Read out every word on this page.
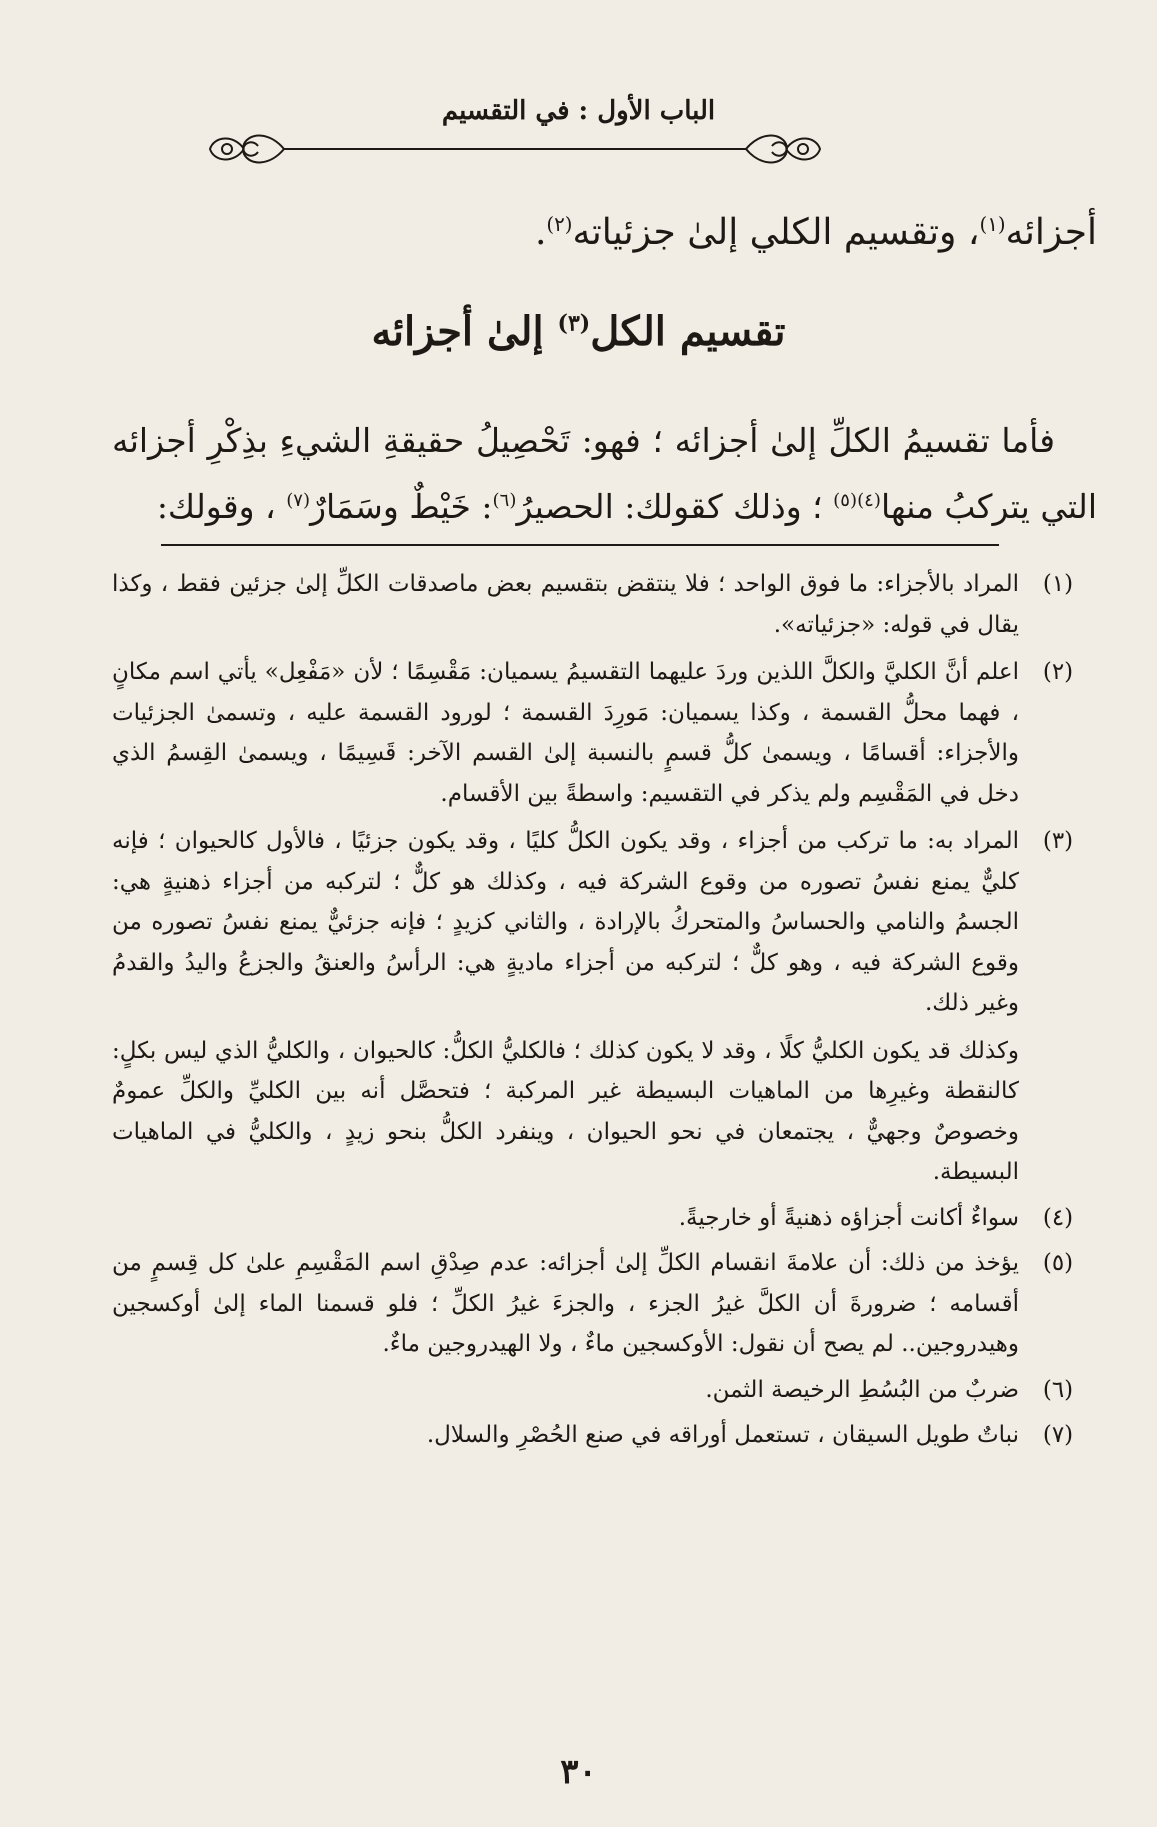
الباب الأول : في التقسيم
أجزائه$^{(١)}$، وتقسيم الكلي إلىٰ جزئياته$^{(٢)}$.
تقسيم الكل$^{(٣)}$ إلىٰ أجزائه
فأما تقسيمُ الكلِّ إلىٰ أجزائه ؛ فهو: تَحْصِيلُ حقيقةِ الشيءِ بذِكْرِ أجزائه التي يتركبُ منها$^{(٤)(٥)}$ ؛ وذلك كقولك: الحصيرُ$^{(٦)}$: خَيْطٌ وسَمَارٌ$^{(٧)}$ ، وقولك:
(١)
المراد بالأجزاء: ما فوق الواحد ؛ فلا ينتقض بتقسيم بعض ماصدقات الكلِّ إلىٰ جزئين فقط ، وكذا يقال في قوله: «جزئياته».
(٢)
اعلم أنَّ الكليَّ والكلَّ اللذين وردَ عليهما التقسيمُ يسميان: مَقْسِمًا ؛ لأن «مَفْعِل» يأتي اسم مكانٍ ، فهما محلُّ القسمة ، وكذا يسميان: مَورِدَ القسمة ؛ لورود القسمة عليه ، وتسمىٰ الجزئيات والأجزاء: أقسامًا ، ويسمىٰ كلُّ قسمٍ بالنسبة إلىٰ القسم الآخر: قَسِيمًا ، ويسمىٰ القِسمُ الذي دخل في المَقْسِم ولم يذكر في التقسيم: واسطةً بين الأقسام.
(٣)
المراد به: ما تركب من أجزاء ، وقد يكون الكلُّ كليًا ، وقد يكون جزئيًا ، فالأول كالحيوان ؛ فإنه كليٌّ يمنع نفسُ تصوره من وقوع الشركة فيه ، وكذلك هو كلٌّ ؛ لتركبه من أجزاء ذهنيةٍ هي: الجسمُ والنامي والحساسُ والمتحركُ بالإرادة ، والثاني كزيدٍ ؛ فإنه جزئيٌّ يمنع نفسُ تصوره من وقوع الشركة فيه ، وهو كلٌّ ؛ لتركبه من أجزاء ماديةٍ هي: الرأسُ والعنقُ والجزعُ واليدُ والقدمُ وغير ذلك.
وكذلك قد يكون الكليُّ كلًا ، وقد لا يكون كذلك ؛ فالكليُّ الكلُّ: كالحيوان ، والكليُّ الذي ليس بكلٍ: كالنقطة وغيرِها من الماهيات البسيطة غير المركبة ؛ فتحصَّل أنه بين الكليِّ والكلِّ عمومٌ وخصوصٌ وجهيٌّ ، يجتمعان في نحو الحيوان ، وينفرد الكلُّ بنحو زيدٍ ، والكليُّ في الماهيات البسيطة.
(٤)
سواءٌ أكانت أجزاؤه ذهنيةً أو خارجيةً.
(٥)
يؤخذ من ذلك: أن علامةَ انقسام الكلِّ إلىٰ أجزائه: عدم صِدْقِ اسم المَقْسِمِ علىٰ كل قِسمٍ من أقسامه ؛ ضرورةَ أن الكلَّ غيرُ الجزء ، والجزءَ غيرُ الكلِّ ؛ فلو قسمنا الماء إلىٰ أوكسجين وهيدروجين.. لم يصح أن نقول: الأوكسجين ماءٌ ، ولا الهيدروجين ماءٌ.
(٦)
ضربٌ من البُسُطِ الرخيصة الثمن.
(٧)
نباتٌ طويل السيقان ، تستعمل أوراقه في صنع الحُصْرِ والسلال.
٣٠
